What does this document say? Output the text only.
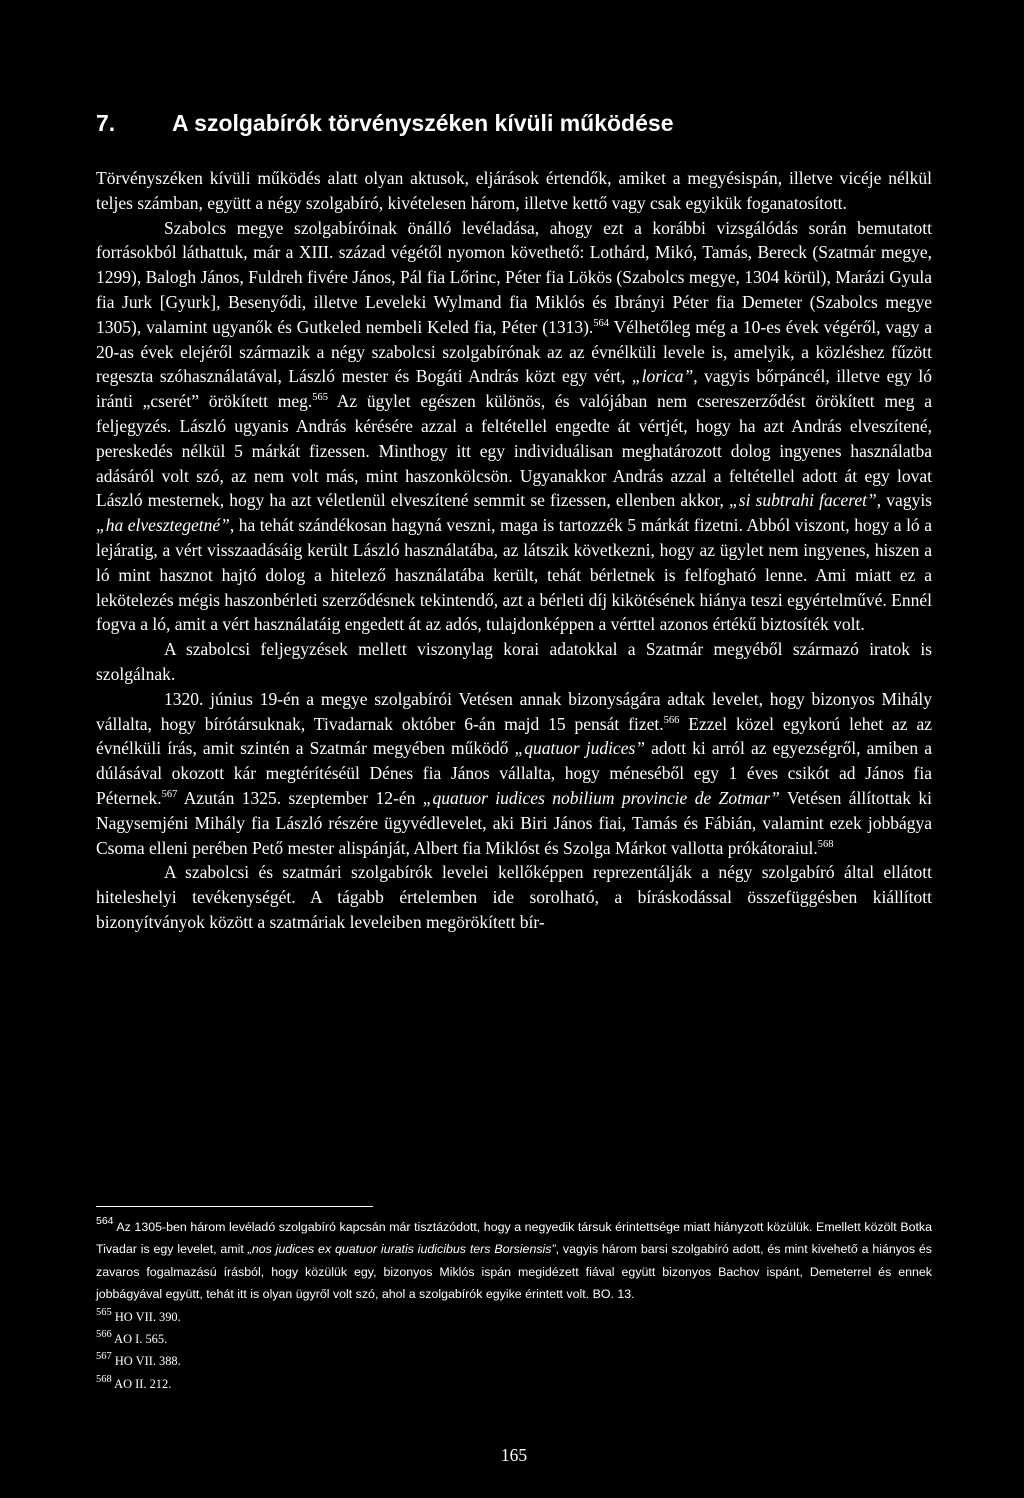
7. A szolgabírók törvényszéken kívüli működése

Törvényszéken kívüli működés alatt olyan aktusok, eljárások értendők, amiket a megyésispán, illetve vicéje nélkül teljes számban, együtt a négy szolgabíró, kivételesen három, illetve kettő vagy csak egyikük foganatosított.

Szabolcs megye szolgabíróinak önálló levéladása, ahogy ezt a korábbi vizsgálódás során bemutatott forrásokból láthattuk, már a XIII. század végétől nyomon követhető: Lothárd, Mikó, Tamás, Bereck (Szatmár megye, 1299), Balogh János, Fuldreh fivére János, Pál fia Lőrinc, Péter fia Lökös (Szabolcs megye, 1304 körül), Marázi Gyula fia Jurk [Gyurk], Besenyődi, illetve Leveleki Wylmand fia Miklós és Ibrányi Péter fia Demeter (Szabolcs megye 1305), valamint ugyanők és Gutkeled nembeli Keled fia, Péter (1313).$^{564}$ Vélhetőleg még a 10-es évek végéről, vagy a 20-as évek elejéről származik a négy szabolcsi szolgabírónak az az évnélküli levele is, amelyik, a közléshez fűzött regeszta szóhasználatával, László mester és Bogáti András közt egy vért, „lorica”, vagyis bőrpáncél, illetve egy ló iránti „cserét” örökített meg.$^{565}$ Az ügylet egészen különös, és valójában nem csereszerződést örökített meg a feljegyzés. László ugyanis András kérésére azzal a feltétellel engedte át vértjét, hogy ha azt András elveszítené, pereskedés nélkül 5 márkát fizessen. Minthogy itt egy individuálisan meghatározott dolog ingyenes használatba adásáról volt szó, az nem volt más, mint haszonkölcsön. Ugyanakkor András azzal a feltétellel adott át egy lovat László mesternek, hogy ha azt véletlenül elveszítené semmit se fizessen, ellenben akkor, „si subtrahi faceret”, vagyis „ha elvesztegetné”, ha tehát szándékosan hagyná veszni, maga is tartozzék 5 márkát fizetni. Abból viszont, hogy a ló a lejáratig, a vért visszaadásáig került László használatába, az látszik következni, hogy az ügylet nem ingyenes, hiszen a ló mint hasznot hajtó dolog a hitelező használatába került, tehát bérletnek is felfogható lenne. Ami miatt ez a lekötelezés mégis haszonbérleti szerződésnek tekintendő, azt a bérleti díj kikötésének hiánya teszi egyértelművé. Ennél fogva a ló, amit a vért használatáig engedett át az adós, tulajdonképpen a vérttel azonos értékű biztosíték volt.

A szabolcsi feljegyzések mellett viszonylag korai adatokkal a Szatmár megyéből származó iratok is szolgálnak.

1320. június 19-én a megye szolgabírói Vetésen annak bizonyságára adtak levelet, hogy bizonyos Mihály vállalta, hogy bírótársuknak, Tivadarnak október 6-án majd 15 pensát fizet.$^{566}$ Ezzel közel egykorú lehet az az évnélküli írás, amit szintén a Szatmár megyében működő „quatuor judices” adott ki arról az egyezségről, amiben a dúlásával okozott kár megtérítéséül Dénes fia János vállalta, hogy méneséből egy 1 éves csikót ad János fia Péternek.$^{567}$ Azután 1325. szeptember 12-én „quatuor iudices nobilium provincie de Zotmar” Vetésen állítottak ki Nagysemjéni Mihály fia László részére ügyvédlevelet, aki Biri János fiai, Tamás és Fábián, valamint ezek jobbágya Csoma elleni perében Pető mester alispánját, Albert fia Miklóst és Szolga Márkot vallotta prókátoraiul.$^{568}$

A szabolcsi és szatmári szolgabírók levelei kellőképpen reprezentálják a négy szolgabíró által ellátott hiteleshelyi tevékenységét. A tágabb értelemben ide sorolható, a bíráskodással összefüggésben kiállított bizonyítványok között a szatmáriak leveleiben megörökített bír-

$^{564}$ Az 1305-ben három levéladó szolgabíró kapcsán már tisztázódott, hogy a negyedik társuk érintettsége miatt hiányzott közülük. Emellett közölt Botka Tivadar is egy levelet, amit „nos judices ex quatuor iuratis iudicibus ters Borsiensis”, vagyis három barsi szolgabíró adott, és mint kivehető a hiányos és zavaros fogalmazású írásból, hogy közülük egy, bizonyos Miklós ispán megidézett fiával együtt bizonyos Bachov ispánt, Demeterrel és ennek jobbágyával együtt, tehát itt is olyan ügyről volt szó, ahol a szolgabírók egyike érintett volt. BO. 13.

$^{565}$ HO VII. 390.

$^{566}$ AO I. 565.

$^{567}$ HO VII. 388.

$^{568}$ AO II. 212.

165
